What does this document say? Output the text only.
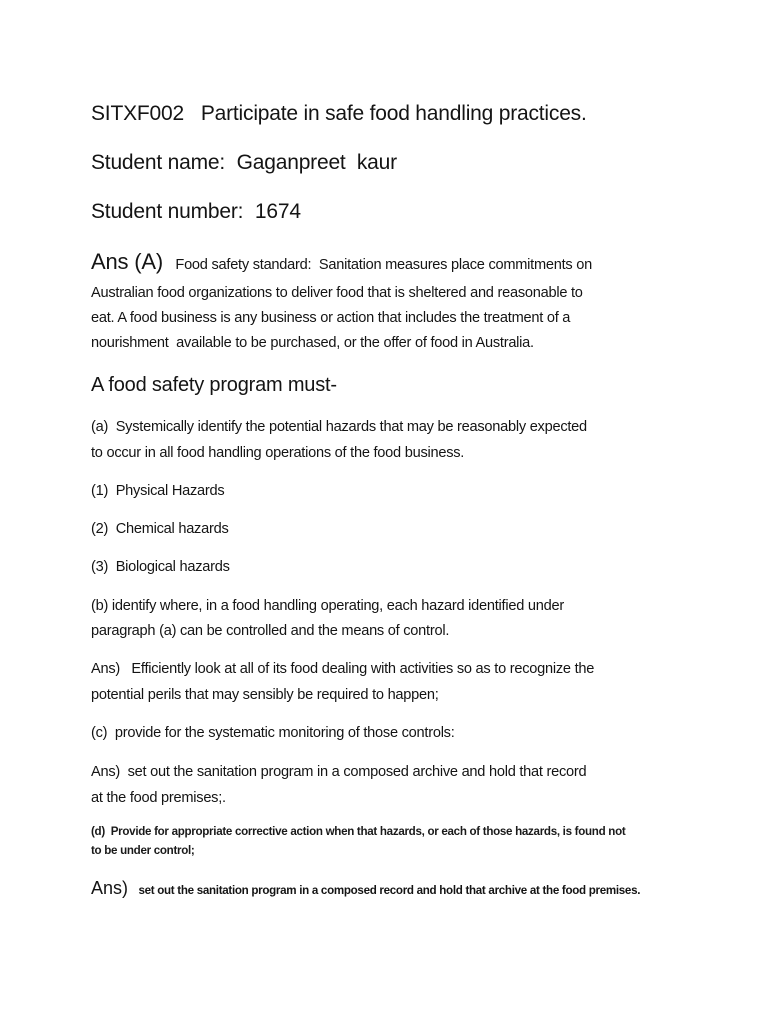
SITXF002   Participate in safe food handling practices.
Student name: Gaganpreet  kaur
Student number: 1674
Ans (A) Food safety standard:  Sanitation measures place commitments on
Australian food organizations to deliver food that is sheltered and reasonable to
eat. A food business is any business or action that includes the treatment of a
nourishment  available to be purchased, or the offer of food in Australia.
A food safety program must-
(a)  Systemically identify the potential hazards that may be reasonably expected
to occur in all food handling operations of the food business.
(1)  Physical Hazards
(2)  Chemical hazards
(3)  Biological hazards
(b) identify where, in a food handling operating, each hazard identified under
paragraph (a) can be controlled and the means of control.
Ans)   Efficiently look at all of its food dealing with activities so as to recognize the
potential perils that may sensibly be required to happen;
(c)  provide for the systematic monitoring of those controls:
Ans)  set out the sanitation program in a composed archive and hold that record
at the food premises;.
(d)  Provide for appropriate corrective action when that hazards, or each of those hazards, is found not
to be under control;
Ans) set out the sanitation program in a composed record and hold that archive at the food premises.
